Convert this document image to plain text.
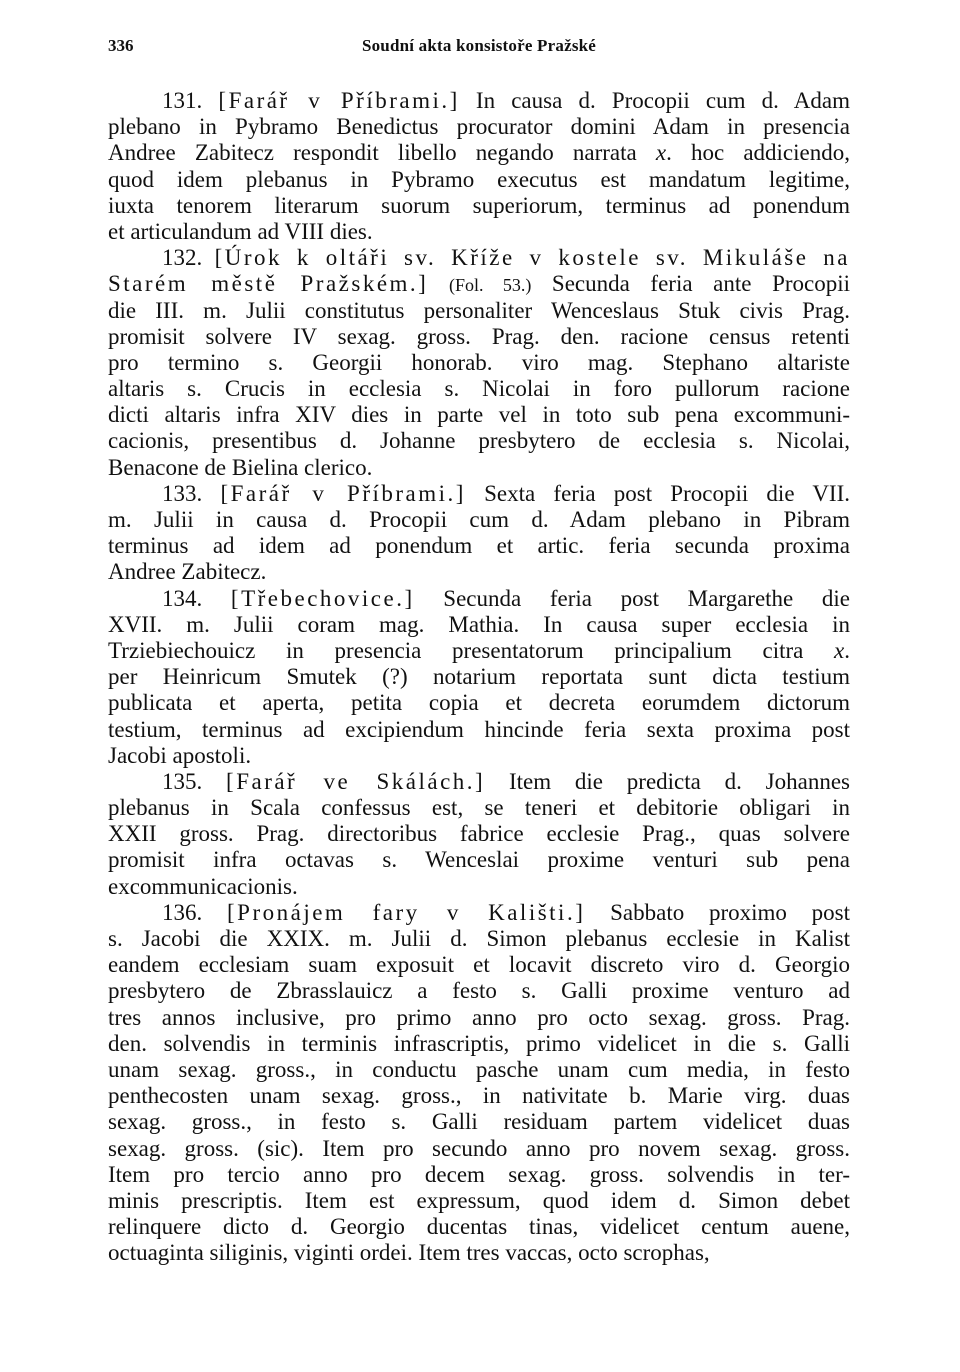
336	Soudní akta konsistoře Pražské
131. [Farář v Příbrami.] In causa d. Procopii cum d. Adam
plebano in Pybramo Benedictus procurator domini Adam in presencia
Andree Zabitecz respondit libello negando narrata x. hoc addiciendo,
quod idem plebanus in Pybramo executus est mandatum legitime,
iuxta tenorem literarum suorum superiorum, terminus ad ponendum
et articulandum ad VIII dies.
132. [Úrok k oltáři sv. Kříže v kostele sv. Mikuláše na
Starém městě Pražském.] (Fol. 53.) Secunda feria ante Procopii
die III. m. Julii constitutus personaliter Wenceslaus Stuk civis Prag.
promisit solvere IV sexag. gross. Prag. den. racione census retenti
pro termino s. Georgii honorab. viro mag. Stephano altariste
altaris s. Crucis in ecclesia s. Nicolai in foro pullorum racione
dicti altaris infra XIV dies in parte vel in toto sub pena excommuni-
cacionis, presentibus d. Johanne presbytero de ecclesia s. Nicolai,
Benacone de Bielina clerico.
133. [Farář v Příbrami.] Sexta feria post Procopii die VII.
m. Julii in causa d. Procopii cum d. Adam plebano in Pibram
terminus ad idem ad ponendum et artic. feria secunda proxima
Andree Zabitecz.
134. [Třebechovice.] Secunda feria post Margarethe die
XVII. m. Julii coram mag. Mathia. In causa super ecclesia in
Trziebiechouicz in presencia presentatorum principalium citra x.
per Heinricum Smutek (?) notarium reportata sunt dicta testium
publicata et aperta, petita copia et decreta eorumdem dictorum
testium, terminus ad excipiendum hincinde feria sexta proxima post
Jacobi apostoli.
135. [Farář ve Skálách.] Item die predicta d. Johannes
plebanus in Scala confessus est, se teneri et debitorie obligari in
XXII gross. Prag. directoribus fabrice ecclesie Prag., quas solvere
promisit infra octavas s. Wenceslai proxime venturi sub pena
excommunicacionis.
136. [Pronájem fary v Kališti.] Sabbato proximo post
s. Jacobi die XXIX. m. Julii d. Simon plebanus ecclesie in Kalist
eandem ecclesiam suam exposuit et locavit discreto viro d. Georgio
presbytero de Zbrasslauicz a festo s. Galli proxime venturo ad
tres annos inclusive, pro primo anno pro octo sexag. gross. Prag.
den. solvendis in terminis infrascriptis, primo videlicet in die s. Galli
unam sexag. gross., in conductu pasche unam cum media, in festo
penthecosten unam sexag. gross., in nativitate b. Marie virg. duas
sexag. gross., in festo s. Galli residuam partem videlicet duas
sexag. gross. (sic). Item pro secundo anno pro novem sexag. gross.
Item pro tercio anno pro decem sexag. gross. solvendis in ter-
minis prescriptis. Item est expressum, quod idem d. Simon debet
relinquere dicto d. Georgio ducentas tinas, videlicet centum auene,
octuaginta siliginis, viginti ordei. Item tres vaccas, octo scrophas,
